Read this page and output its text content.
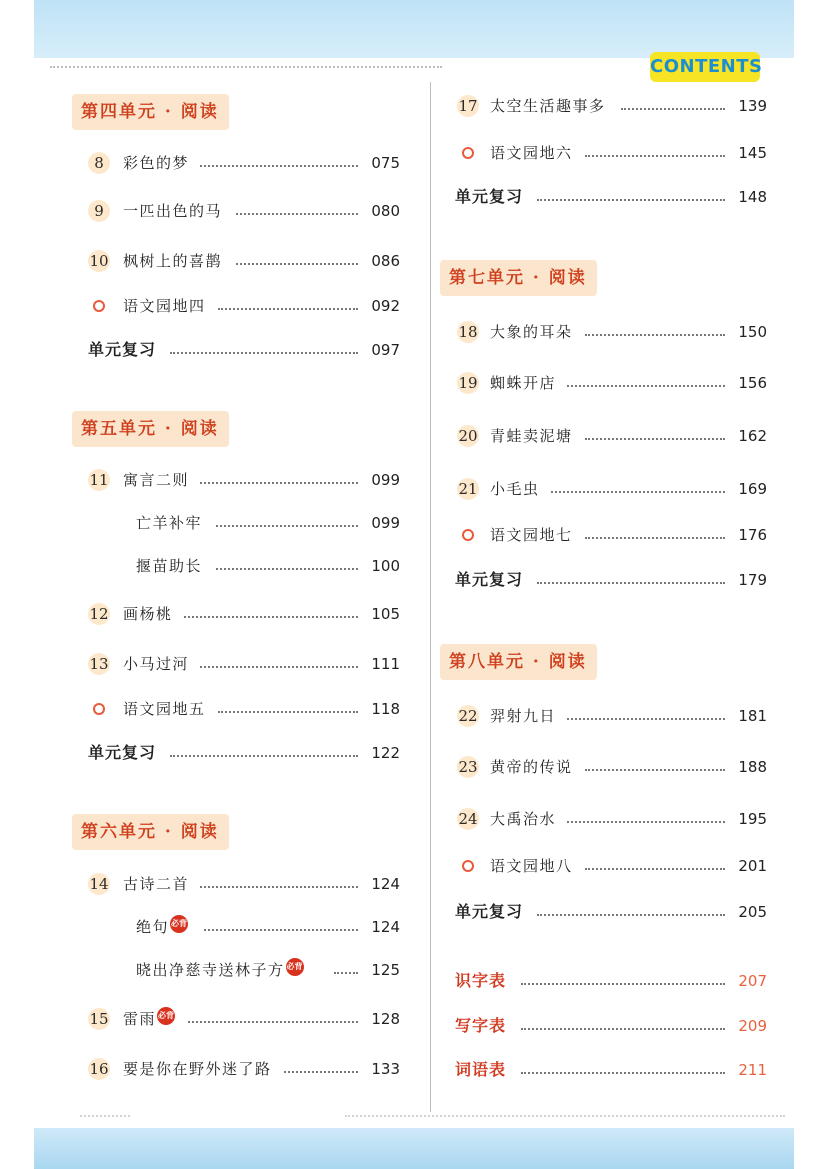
CONTENTS
第四单元 · 阅读
8	彩色的梦	075
9	一匹出色的马	080
10 枫树上的喜鹊	086
语文园地四	092
单元复习	097
第五单元 · 阅读
11 寓言二则	099
亡羊补牢	099
揠苗助长	100
12 画杨桃	105
13 小马过河	111
语文园地五	118
单元复习	122
第六单元 · 阅读
14 古诗二首	124
绝句 必背	124
晓出净慈寺送林子方 必背	125
15 雷雨 必背	128
16 要是你在野外迷了路	133
17 太空生活趣事多	139
语文园地六	145
单元复习	148
第七单元 · 阅读
18 大象的耳朵	150
19 蜘蛛开店	156
20 青蛙卖泥塘	162
21 小毛虫	169
语文园地七	176
单元复习	179
第八单元 · 阅读
22 羿射九日	181
23 黄帝的传说	188
24 大禹治水	195
语文园地八	201
单元复习	205
识字表	207
写字表	209
词语表	211
